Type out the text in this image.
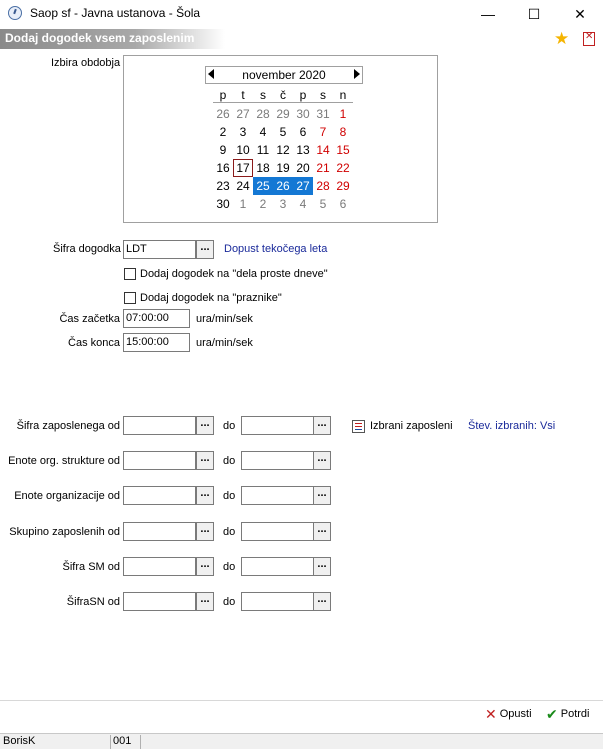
Saop sf - Javna ustanova - Šola	—	☐	✕
Dodaj dogodek vsem zaposlenim	★
✕
Izbira obdobja
november 2020
p	t	s	č	p	s	n
26 27 28 29 30 31 1
2	3	4	5	6	7	8
9 10 11 12 13 14 15
16 17 18 19 20 21 22
23 24 25 26 27 28 29
30 1	2	3	4	5	6
Šifra dogodka LDT	...	Dopust tekočega leta
Dodaj dogodek na "dela proste dneve"
Dodaj dogodek na "praznike"
Čas začetka 07:00:00	ura/min/sek
Čas konca 15:00:00	ura/min/sek
Šifra zaposlenega od	...	do	...
Enote org. strukture od	...	do	...
Enote organizacije od	...	do	...
Skupino zaposlenih od	...	do	...
Šifra SM od	...	do	...
ŠifraSN od	...	do	...
Izbrani zaposleni Štev. izbranih: Vsi
✕ Opusti ✔ Potrdi
BorisK	001
